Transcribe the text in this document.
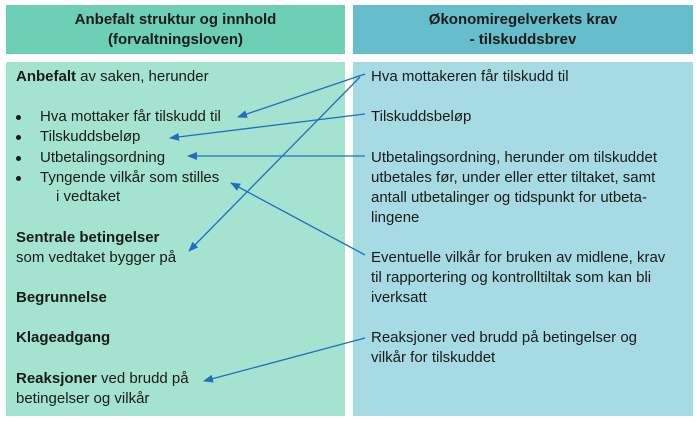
Anbefalt struktur og innhold
(forvaltningsloven)
Økonomiregelverkets krav
- tilskuddsbrev
Anbefalt av saken, herunder
Hva mottaker får tilskudd til
Tilskuddsbeløp
Utbetalingsordning
Tyngende vilkår som stilles
i vedtaket
Sentrale betingelser
som vedtaket bygger på
Begrunnelse
Klageadgang
Reaksjoner ved brudd på
betingelser og vilkår
Hva mottakeren får tilskudd til
Tilskuddsbeløp
Utbetalingsordning, herunder om tilskuddet
utbetales før, under eller etter tiltaket, samt
antall utbetalinger og tidspunkt for utbeta-
lingene
Eventuelle vilkår for bruken av midlene, krav
til rapportering og kontrolltiltak som kan bli
iverksatt
Reaksjoner ved brudd på betingelser og
vilkår for tilskuddet
